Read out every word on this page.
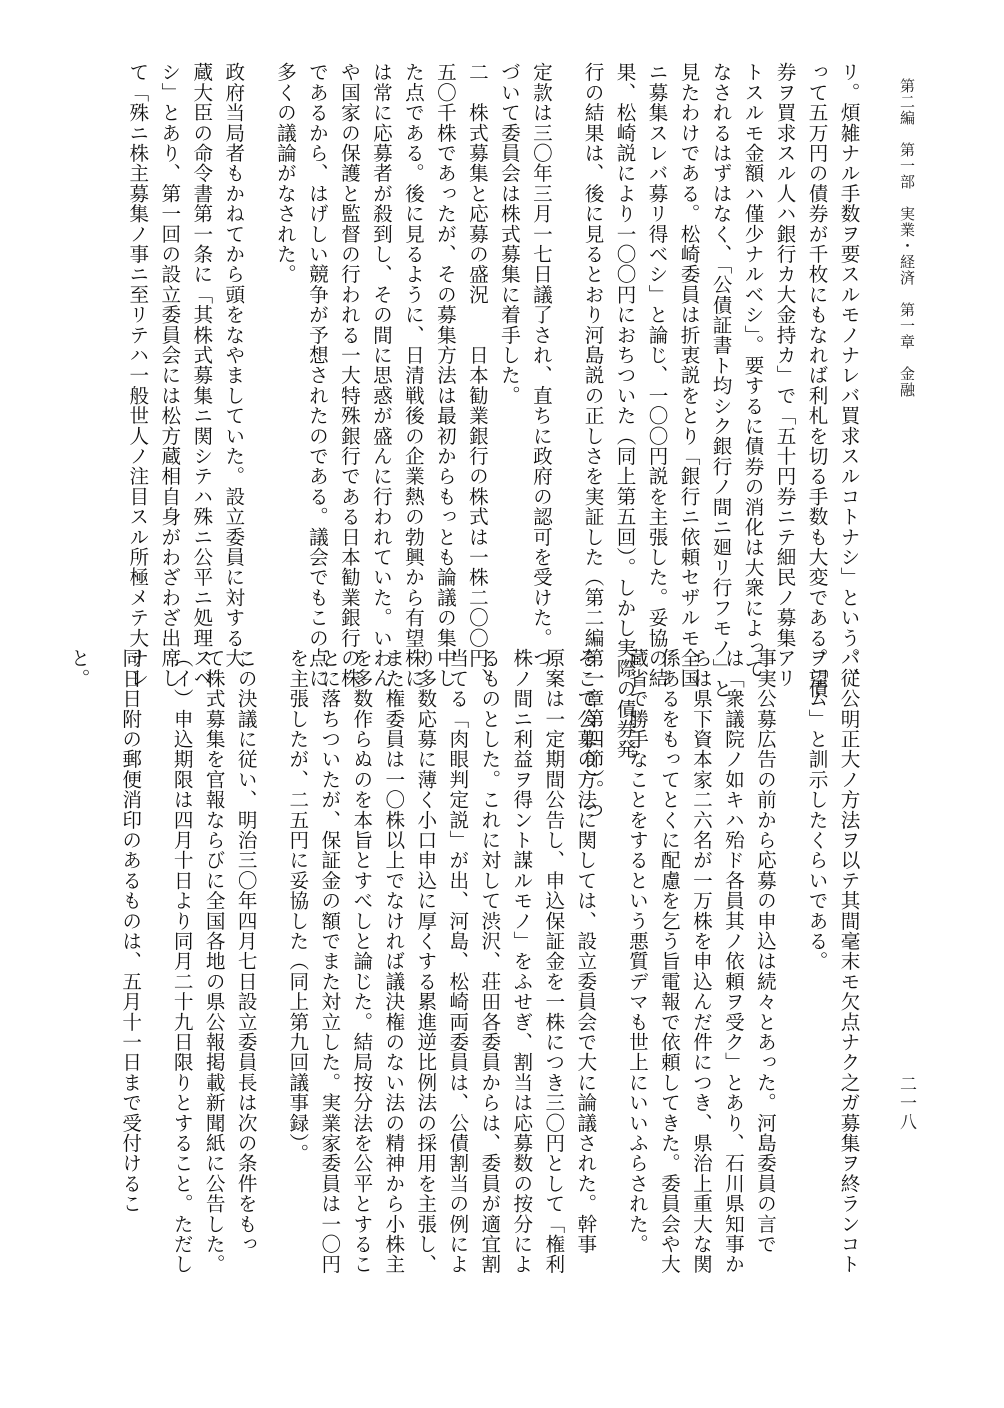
第二編　第一部　実業・経済　第一章　金融
二一八
リ。煩雑ナル手数ヲ要スルモノナレバ買求スルコトナシ」という。従
って五万円の債券が千枚にもなれば利札を切る手数も大変である。「債
券ヲ買求スル人ハ銀行カ大金持カ」で「五十円券ニテ細民ノ募集アリ
トスルモ金額ハ僅少ナルベシ」。要するに債券の消化は大衆によって
なされるはずはなく、「公債証書ト均シク銀行ノ間ニ廻リ行フモノ」と
見たわけである。松崎委員は折衷説をとり「銀行ニ依頼セザルモ全国
ニ募集スレバ募リ得ベシ」と論じ、一〇〇円説を主張した。妥協の結
果、松崎説により一〇〇円におちついた（同上第五回）。しかし実際の債券発
行の結果は、後に見るとおり河島説の正しさを実証した（第二編第一章第四節）。つ
定款は三〇年三月一七日議了され、直ちに政府の認可を受けた。つ
づいて委員会は株式募集に着手した。
二　株式募集と応募の盛況　　日本勧業銀行の株式は一株二〇〇円、
五〇千株であったが、その募集方法は最初からもっとも論議の集中し
た点である。後に見るように、日清戦後の企業熱の勃興から有望株に
は常に応募者が殺到し、その間に思惑が盛んに行われていた。いわん
や国家の保護と監督の行われる一大特殊銀行である日本勧業銀行の株
であるから、はげしい競争が予想されたのである。議会でもこの点に
多くの議論がなされた。
政府当局者もかねてから頭をなやましていた。設立委員に対する大
蔵大臣の命令書第一条に「其株式募集ニ関シテハ殊ニ公平ニ処理スベ
シ」とあり、第一回の設立委員会には松方蔵相自身がわざわざ出席し
て「殊ニ株主募集ノ事ニ至リテハ一般世人ノ注目スル所極メテ大ナレ
バ、公明正大ノ方法ヲ以テ其間毫末モ欠点ナク之ガ募集ヲ終ランコト
ヲ望ム」と訓示したくらいである。
事実公募広告の前から応募の申込は続々とあった。河島委員の言で
は「衆議院ノ如キハ殆ド各員其ノ依頼ヲ受ク」とあり、石川県知事か
らは県下資本家二六名が一万株を申込んだ件につき、県治上重大な関
係あるをもってとくに配慮を乞う旨電報で依頼してきた。委員会や大
蔵省で勝手なことをするという悪質デマも世上にいいふらされた。
そこで公募の方法に関しては、設立委員会で大に論議された。幹事
原案は一定期間公告し、申込保証金を一株につき三〇円として「権利
株ノ間ニ利益ヲ得ント謀ルモノ」をふせぎ、割当は応募数の按分によ
るものとした。これに対して渋沢、荘田各委員からは、委員が適宜割
当てる「肉眼判定説」が出、河島、松崎両委員は、公債割当の例によ
り多数応募に薄く小口申込に厚くする累進逆比例法の採用を主張し、
また権委員は一〇株以上でなければ議決権のない法の精神から小株主
を多数作らぬのを本旨とすべしと論じた。結局按分法を公平とするこ
とに落ちついたが、保証金の額でまた対立した。実業家委員は一〇円
を主張したが、二五円に妥協した（同上第九回議事録）。
この決議に従い、明治三〇年四月七日設立委員長は次の条件をもっ
て株式募集を官報ならびに全国各地の県公報掲載新聞紙に公告した。
（イ）申込期限は四月十日より同月二十九日限りとすること。ただし
同日日附の郵便消印のあるものは、五月十一日まで受付けるこ
と。
